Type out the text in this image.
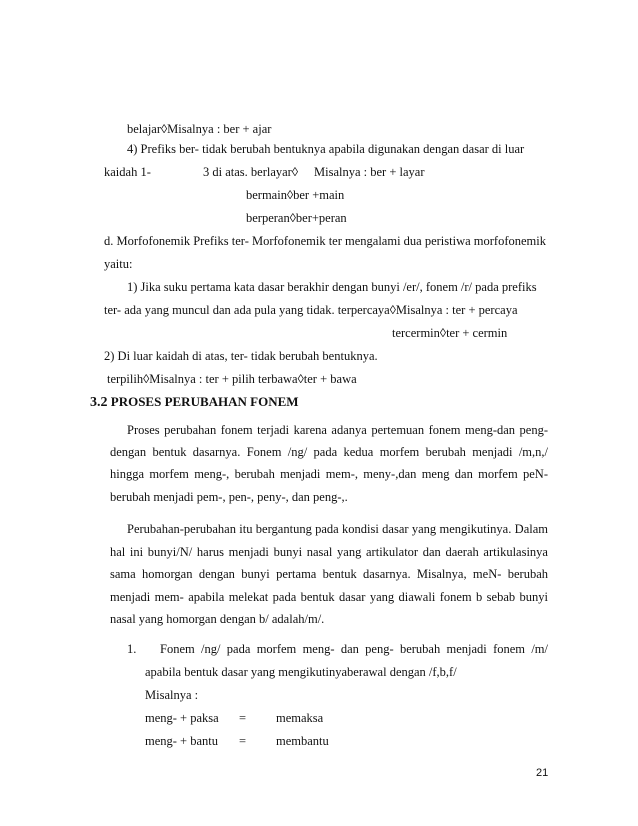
belajar◊Misalnya : ber + ajar
4) Prefiks ber- tidak berubah bentuknya apabila digunakan dengan dasar di luar
kaidah 1-	3 di atas. berlayar◊ Misalnya : ber + layar
bermain◊ber +main
berperan◊ber+peran
d. Morfofonemik Prefiks ter- Morfofonemik ter mengalami dua peristiwa morfofonemik
yaitu:
1) Jika suku pertama kata dasar berakhir dengan bunyi /er/, fonem /r/ pada prefiks
ter- ada yang muncul dan ada pula yang tidak. terpercaya◊Misalnya : ter + percaya
tercermin◊ter + cermin
2) Di luar kaidah di atas, ter- tidak berubah bentuknya.
terpilih◊Misalnya : ter + pilih terbawa◊ter + bawa
3.2 PROSES PERUBAHAN FONEM
Proses perubahan fonem terjadi karena adanya pertemuan fonem meng-dan peng-
dengan bentuk dasarnya. Fonem /ng/ pada kedua morfem berubah menjadi /m,n,/
hingga morfem meng-, berubah menjadi mem-, meny-,dan meng dan morfem peN-
berubah menjadi pem-, pen-, peny-, dan peng-,.
Perubahan-perubahan itu bergantung pada kondisi dasar yang mengikutinya. Dalam
hal ini bunyi/N/ harus menjadi bunyi nasal yang artikulator dan daerah artikulasinya
sama homorgan dengan bunyi pertama bentuk dasarnya. Misalnya, meN- berubah
menjadi mem- apabila melekat pada bentuk dasar yang diawali fonem b sebab bunyi
nasal yang homorgan dengan b/ adalah/m/.
1. Fonem /ng/ pada morfem meng- dan peng- berubah menjadi fonem /m/
apabila bentuk dasar yang mengikutinyaberawal dengan /f,b,f/
Misalnya :
meng- + paksa = memaksa
meng- + bantu = membantu
21
